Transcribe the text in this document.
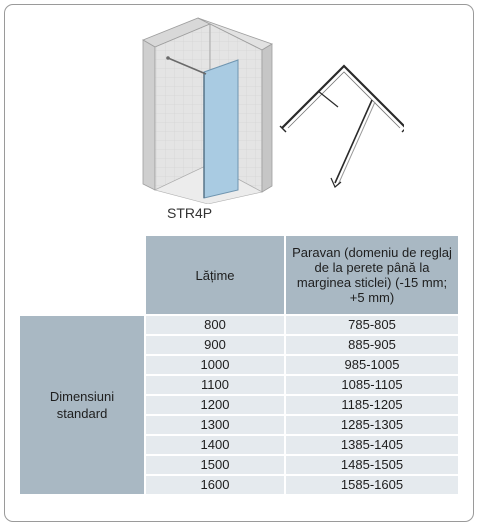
STR4P
	Lățime	Paravan (domeniu de reglaj de la perete până la marginea sticlei) (-15 mm; +5 mm)
Dimensiuni standard	800	785-805
	900	885-905
	1000	985-1005
	1100	1085-1105
	1200	1185-1205
	1300	1285-1305
	1400	1385-1405
	1500	1485-1505
	1600	1585-1605
